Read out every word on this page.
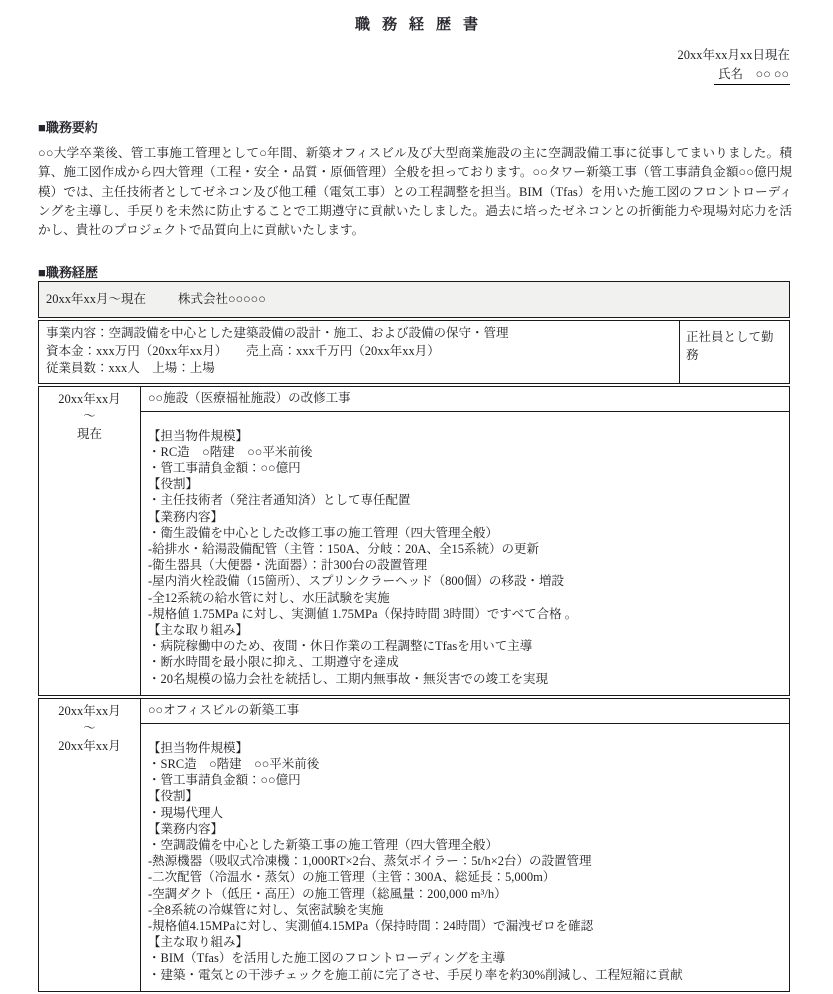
職務経歴書
20xx年xx月xx日現在
氏名　○○ ○○
■職務要約
○○大学卒業後、管工事施工管理として○年間、新築オフィスビル及び大型商業施設の主に空調設備工事に従事してまいりました。積算、施工図作成から四大管理（工程・安全・品質・原価管理）全般を担っております。○○タワー新築工事（管工事請負金額○○億円規模）では、主任技術者としてゼネコン及び他工種（電気工事）との工程調整を担当。BIM（Tfas）を用いた施工図のフロントローディングを主導し、手戻りを未然に防止することで工期遵守に貢献いたしました。過去に培ったゼネコンとの折衝能力や現場対応力を活かし、貴社のプロジェクトで品質向上に貢献いたします。
■職務経歴
20xx年xx月～現在	株式会社○○○○○
事業内容：空調設備を中心とした建築設備の設計・施工、および設備の保守・管理
資本金：xxx万円（20xx年xx月）　　売上高：xxx千万円（20xx年xx月）
従業員数：xxx人　上場：上場
正社員として勤務
20xx年xx月
～
現在
○○施設（医療福祉施設）の改修工事
【担当物件規模】
・RC造　○階建　○○平米前後
・管工事請負金額：○○億円
【役割】
・主任技術者（発注者通知済）として専任配置
【業務内容】
・衛生設備を中心とした改修工事の施工管理（四大管理全般）
-給排水・給湯設備配管（主管：150A、分岐：20A、全15系統）の更新
-衛生器具（大便器・洗面器）：計300台の設置管理
-屋内消火栓設備（15箇所）、スプリンクラーヘッド（800個）の移設・増設
-全12系統の給水管に対し、水圧試験を実施
-規格値 1.75MPa に対し、実測値 1.75MPa（保持時間 3時間）ですべて合格 。
【主な取り組み】
・病院稼働中のため、夜間・休日作業の工程調整にTfasを用いて主導
・断水時間を最小限に抑え、工期遵守を達成
・20名規模の協力会社を統括し、工期内無事故・無災害での竣工を実現
20xx年xx月
～
20xx年xx月
○○オフィスビルの新築工事
【担当物件規模】
・SRC造　○階建　○○平米前後
・管工事請負金額：○○億円
【役割】
・現場代理人
【業務内容】
・空調設備を中心とした新築工事の施工管理（四大管理全般）
-熱源機器（吸収式冷凍機：1,000RT×2台、蒸気ボイラー：5t/h×2台）の設置管理
-二次配管（冷温水・蒸気）の施工管理（主管：300A、総延長：5,000m）
-空調ダクト（低圧・高圧）の施工管理（総風量：200,000 m³/h）
-全8系統の冷媒管に対し、気密試験を実施
-規格値4.15MPaに対し、実測値4.15MPa（保持時間：24時間）で漏洩ゼロを確認
【主な取り組み】
・BIM（Tfas）を活用した施工図のフロントローディングを主導
・建築・電気との干渉チェックを施工前に完了させ、手戻り率を約30%削減し、工程短縮に貢献
